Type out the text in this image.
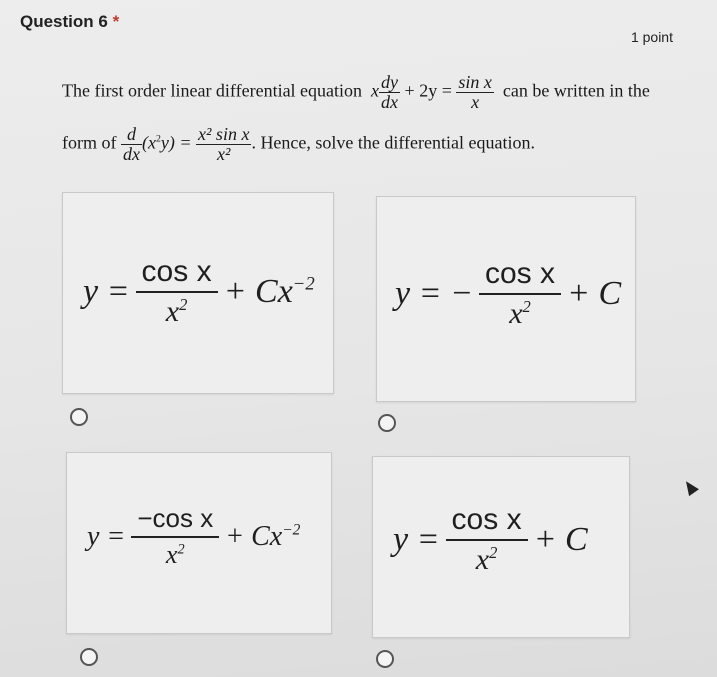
Question 6 *
1 point
The first order linear differential equation x $\frac{dy}{dx} + 2y = \frac{\text{sin x}}{x}$ can be written in the
form of $\frac{d}{dx} (x^2y) = \frac{\text{x² sin x}}{\text{x²}}$ . Hence, solve the differential equation.
$y = \frac{\text{cos x}}{x^2} + Cx^{-2}$ y = − $\frac{\text{cos x}}{x^2} + C$
$y = \frac{\text{−cos x}}{x^2} + Cx^{-2}$	$y = \frac{\text{cos x}}{x^2} + C$
